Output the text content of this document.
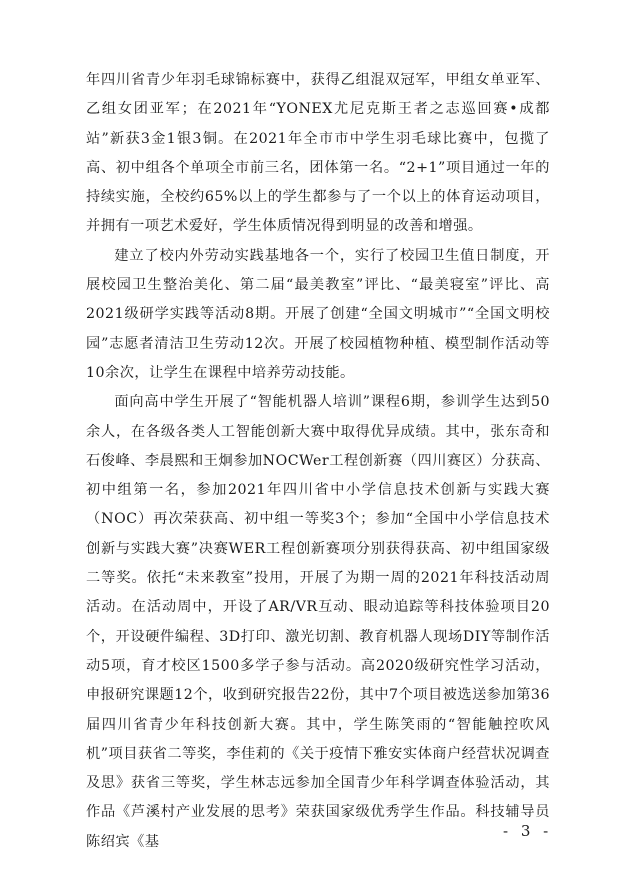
年四川省青少年羽毛球锦标赛中，获得乙组混双冠军，甲组女单亚军、乙组女团亚军；在2021年“YONEX尤尼克斯王者之志巡回赛•成都站”新获3金1银3铜。在2021年全市市中学生羽毛球比赛中，包揽了高、初中组各个单项全市前三名，团体第一名。“2+1”项目通过一年的持续实施，全校约65%以上的学生都参与了一个以上的体育运动项目，并拥有一项艺术爱好，学生体质情况得到明显的改善和增强。

建立了校内外劳动实践基地各一个，实行了校园卫生值日制度，开展校园卫生整治美化、第二届“最美教室”评比、“最美寝室”评比、高2021级研学实践等活动8期。开展了创建“全国文明城市”“全国文明校园”志愿者清洁卫生劳动12次。开展了校园植物种植、模型制作活动等10余次，让学生在课程中培养劳动技能。

面向高中学生开展了“智能机器人培训”课程6期，参训学生达到50余人，在各级各类人工智能创新大赛中取得优异成绩。其中，张东奇和石俊峰、李晨熙和王炯参加NOCWer工程创新赛（四川赛区）分获高、初中组第一名，参加2021年四川省中小学信息技术创新与实践大赛（NOC）再次荣获高、初中组一等奖3个；参加“全国中小学信息技术创新与实践大赛”决赛WER工程创新赛项分别获得获高、初中组国家级二等奖。依托“未来教室”投用，开展了为期一周的2021年科技活动周活动。在活动周中，开设了AR/VR互动、眼动追踪等科技体验项目20个，开设硬件编程、3D打印、激光切割、教育机器人现场DIY等制作活动5项，育才校区1500多学子参与活动。高2020级研究性学习活动，申报研究课题12个，收到研究报告22份，其中7个项目被选送参加第36届四川省青少年科技创新大赛。其中，学生陈笑雨的“智能触控吹风机”项目获省二等奖，李佳莉的《关于疫情下雅安实体商户经营状况调查及思》获省三等奖，学生林志远参加全国青少年科学调查体验活动，其作品《芦溪村产业发展的思考》荣获国家级优秀学生作品。科技辅导员陈绍宾《基

- 3 -
